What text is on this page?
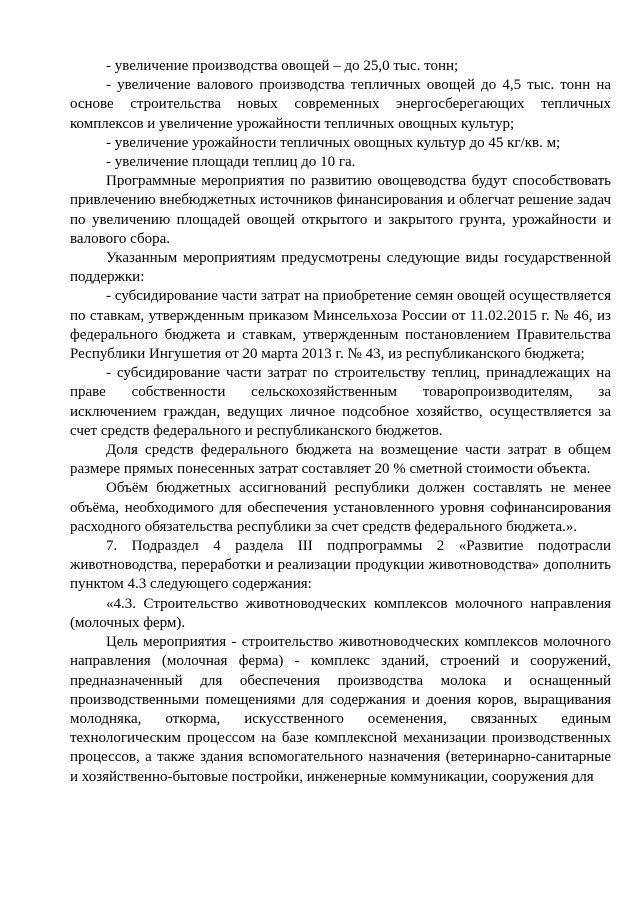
- увеличение производства овощей – до 25,0 тыс. тонн;

- увеличение валового производства тепличных овощей до 4,5 тыс. тонн на основе строительства новых современных энергосберегающих тепличных комплексов и увеличение урожайности тепличных овощных культур;

- увеличение урожайности тепличных овощных культур до 45 кг/кв. м;

- увеличение площади теплиц до 10 га.

Программные мероприятия по развитию овощеводства будут способствовать привлечению внебюджетных источников финансирования и облегчат решение задач по увеличению площадей овощей открытого и закрытого грунта, урожайности и валового сбора.

Указанным мероприятиям предусмотрены следующие виды государственной поддержки:

- субсидирование части затрат на приобретение семян овощей осуществляется по ставкам, утвержденным приказом Минсельхоза России от 11.02.2015 г. № 46, из федерального бюджета и ставкам, утвержденным постановлением Правительства Республики Ингушетия от 20 марта 2013 г. № 43, из республиканского бюджета;

- субсидирование части затрат по строительству теплиц, принадлежащих на праве собственности сельскохозяйственным товаропроизводителям, за исключением граждан, ведущих личное подсобное хозяйство, осуществляется за счет средств федерального и республиканского бюджетов.

Доля средств федерального бюджета на возмещение части затрат в общем размере прямых понесенных затрат составляет 20 % сметной стоимости объекта.

Объём бюджетных ассигнований республики должен составлять не менее объёма, необходимого для обеспечения установленного уровня софинансирования расходного обязательства республики за счет средств федерального бюджета.».

7. Подраздел 4 раздела III подпрограммы 2 «Развитие подотрасли животноводства, переработки и реализации продукции животноводства» дополнить пунктом 4.3 следующего содержания:

«4.3. Строительство животноводческих комплексов молочного направления (молочных ферм).

Цель мероприятия - строительство животноводческих комплексов молочного направления (молочная ферма) - комплекс зданий, строений и сооружений, предназначенный для обеспечения производства молока и оснащенный производственными помещениями для содержания и доения коров, выращивания молодняка, откорма, искусственного осеменения, связанных единым технологическим процессом на базе комплексной механизации производственных процессов, а также здания вспомогательного назначения (ветеринарно-санитарные и хозяйственно-бытовые постройки, инженерные коммуникации, сооружения для
